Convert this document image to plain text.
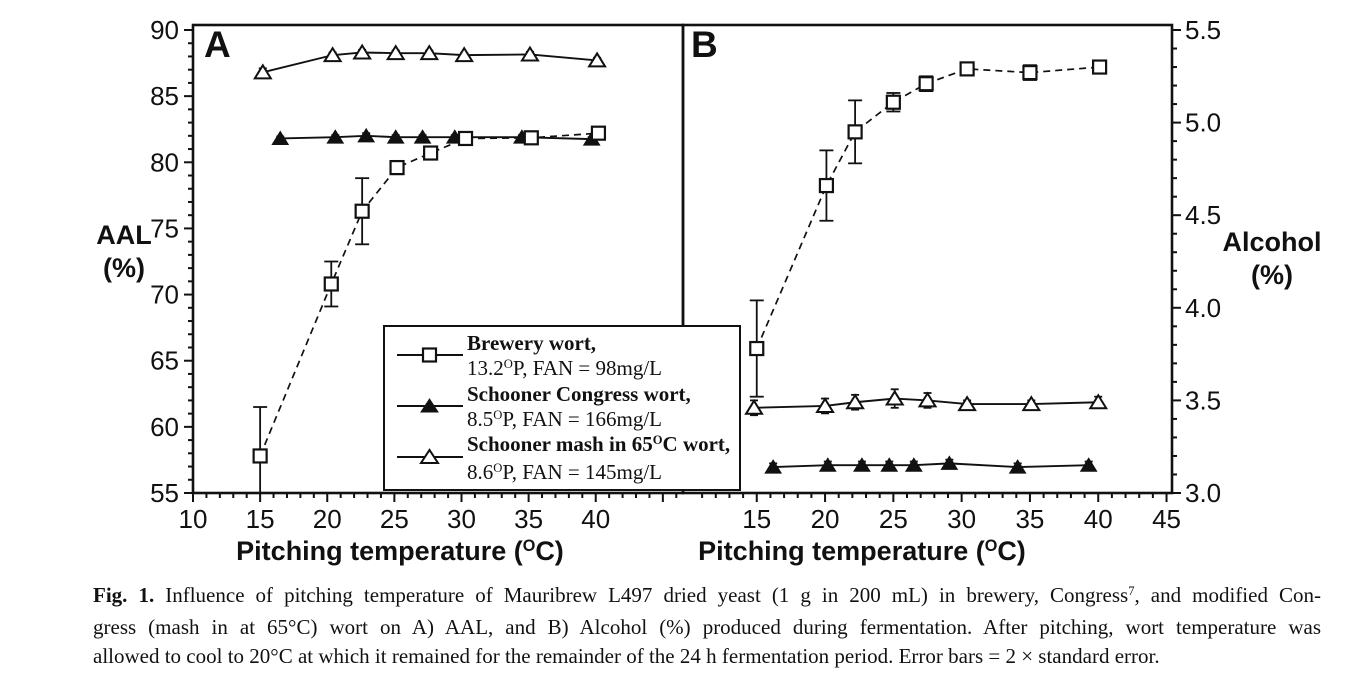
10 15 20 25 30 35 40
55
60
65
70
75
80
85
90
15 20 25 30 35 40 45
3.0
3.5
4.0
4.5
5.0
5.5
A	B
AAL
(%)
Alcohol
(%)
Pitching temperature ($^O$C)	Pitching temperature ($^O$C)
Brewery wort,
$13.2^OP$, FAN = 98mg/L
Schooner Congress wort,
$8.5^OP$, FAN = 166mg/L
Schooner mash in $65^OC$ wort,
$8.6^OP$, FAN = 145mg/L
Fig. 1. Influence of pitching temperature of Mauribrew L497 dried yeast (1 g in 200 mL) in brewery, Congress$^7$, and modified Con-
gress (mash in at 65°C) wort on A) AAL, and B) Alcohol (%) produced during fermentation. After pitching, wort temperature was
allowed to cool to 20°C at which it remained for the remainder of the 24 h fermentation period. Error bars = 2 × standard error.
